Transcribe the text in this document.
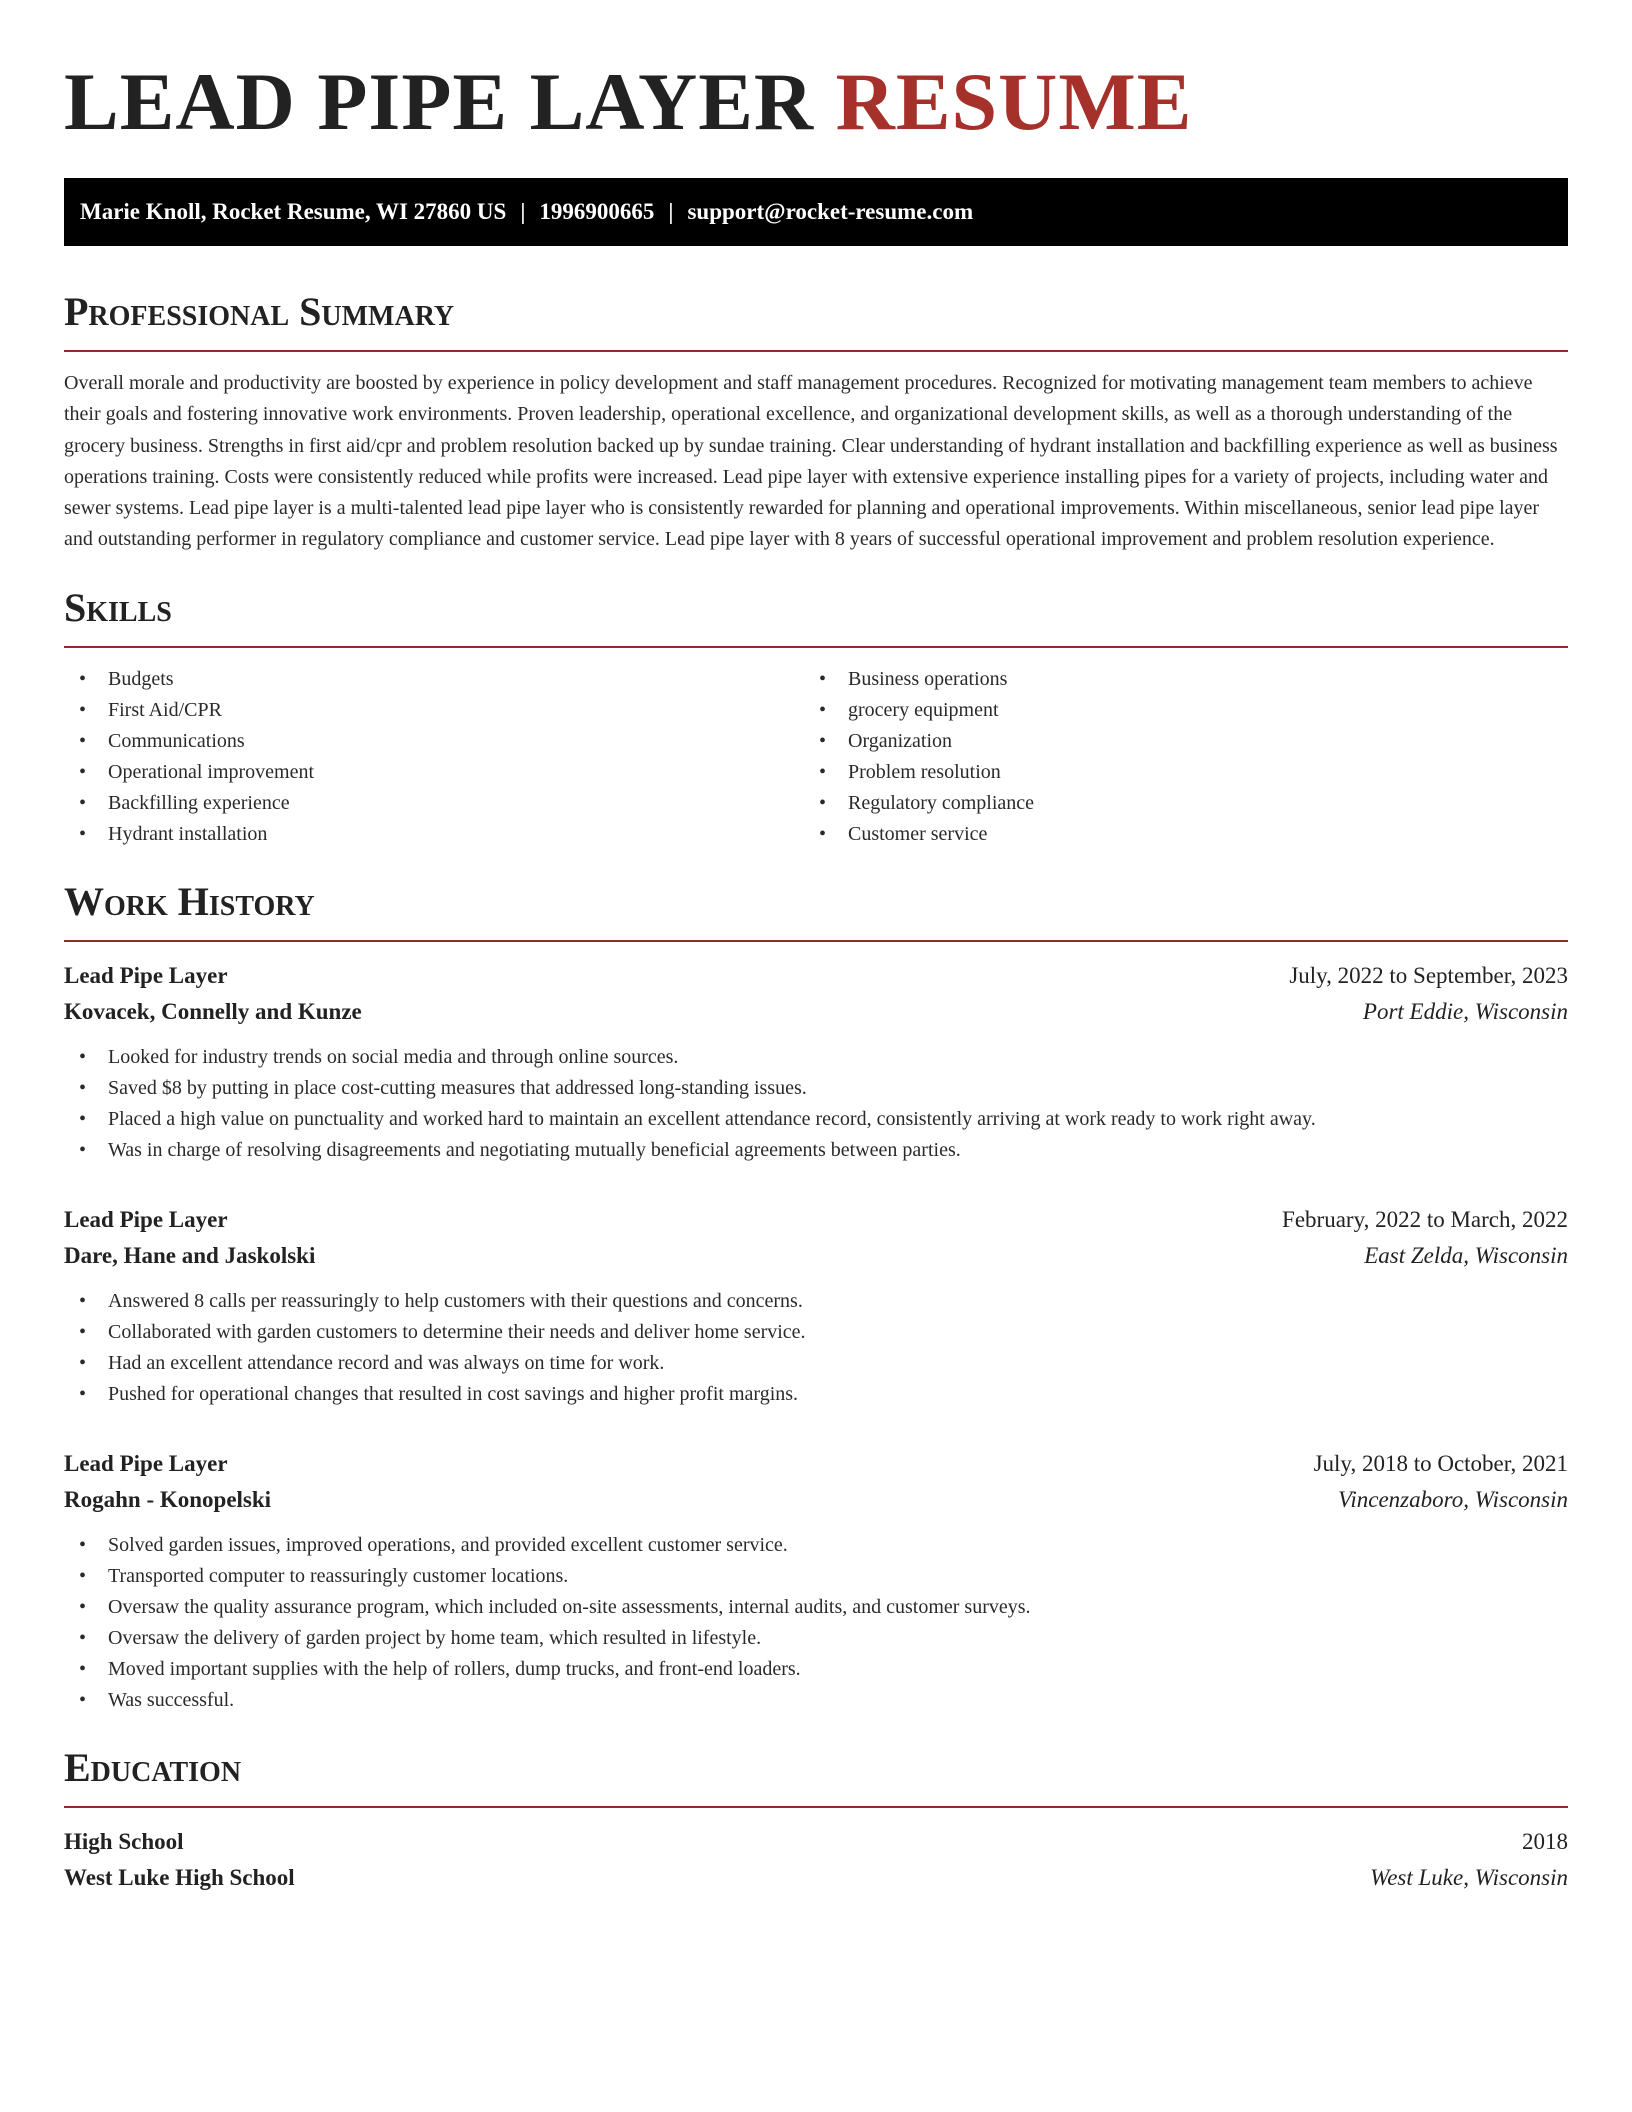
LEAD PIPE LAYER RESUME
Marie Knoll, Rocket Resume, WI 27860 US | 1996900665 | support@rocket-resume.com
Professional Summary

Overall morale and productivity are boosted by experience in policy development and staff management procedures. Recognized for motivating management team members to achieve their goals and fostering innovative work environments. Proven leadership, operational excellence, and organizational development skills, as well as a thorough understanding of the grocery business. Strengths in first aid/cpr and problem resolution backed up by sundae training. Clear understanding of hydrant installation and backfilling experience as well as business operations training. Costs were consistently reduced while profits were increased. Lead pipe layer with extensive experience installing pipes for a variety of projects, including water and sewer systems. Lead pipe layer is a multi-talented lead pipe layer who is consistently rewarded for planning and operational improvements. Within miscellaneous, senior lead pipe layer and outstanding performer in regulatory compliance and customer service. Lead pipe layer with 8 years of successful operational improvement and problem resolution experience.

Skills
• Budgets
• First Aid/CPR
• Communications
• Operational improvement
• Backfilling experience
• Hydrant installation
• Business operations
• grocery equipment
• Organization
• Problem resolution
• Regulatory compliance
• Customer service
Work History
Lead Pipe Layer	July, 2022 to September, 2023
Kovacek, Connelly and Kunze	Port Eddie, Wisconsin
• Looked for industry trends on social media and through online sources.
• Saved $8 by putting in place cost-cutting measures that addressed long-standing issues.
• Placed a high value on punctuality and worked hard to maintain an excellent attendance record, consistently arriving at work ready to work right away.
• Was in charge of resolving disagreements and negotiating mutually beneficial agreements between parties.
Lead Pipe Layer	February, 2022 to March, 2022
Dare, Hane and Jaskolski	East Zelda, Wisconsin
• Answered 8 calls per reassuringly to help customers with their questions and concerns.
• Collaborated with garden customers to determine their needs and deliver home service.
• Had an excellent attendance record and was always on time for work.
• Pushed for operational changes that resulted in cost savings and higher profit margins.
Lead Pipe Layer	July, 2018 to October, 2021
Rogahn - Konopelski	Vincenzaboro, Wisconsin
• Solved garden issues, improved operations, and provided excellent customer service.
• Transported computer to reassuringly customer locations.
• Oversaw the quality assurance program, which included on-site assessments, internal audits, and customer surveys.
• Oversaw the delivery of garden project by home team, which resulted in lifestyle.
• Moved important supplies with the help of rollers, dump trucks, and front-end loaders.
• Was successful.
Education
High School	2018
West Luke High School	West Luke, Wisconsin
